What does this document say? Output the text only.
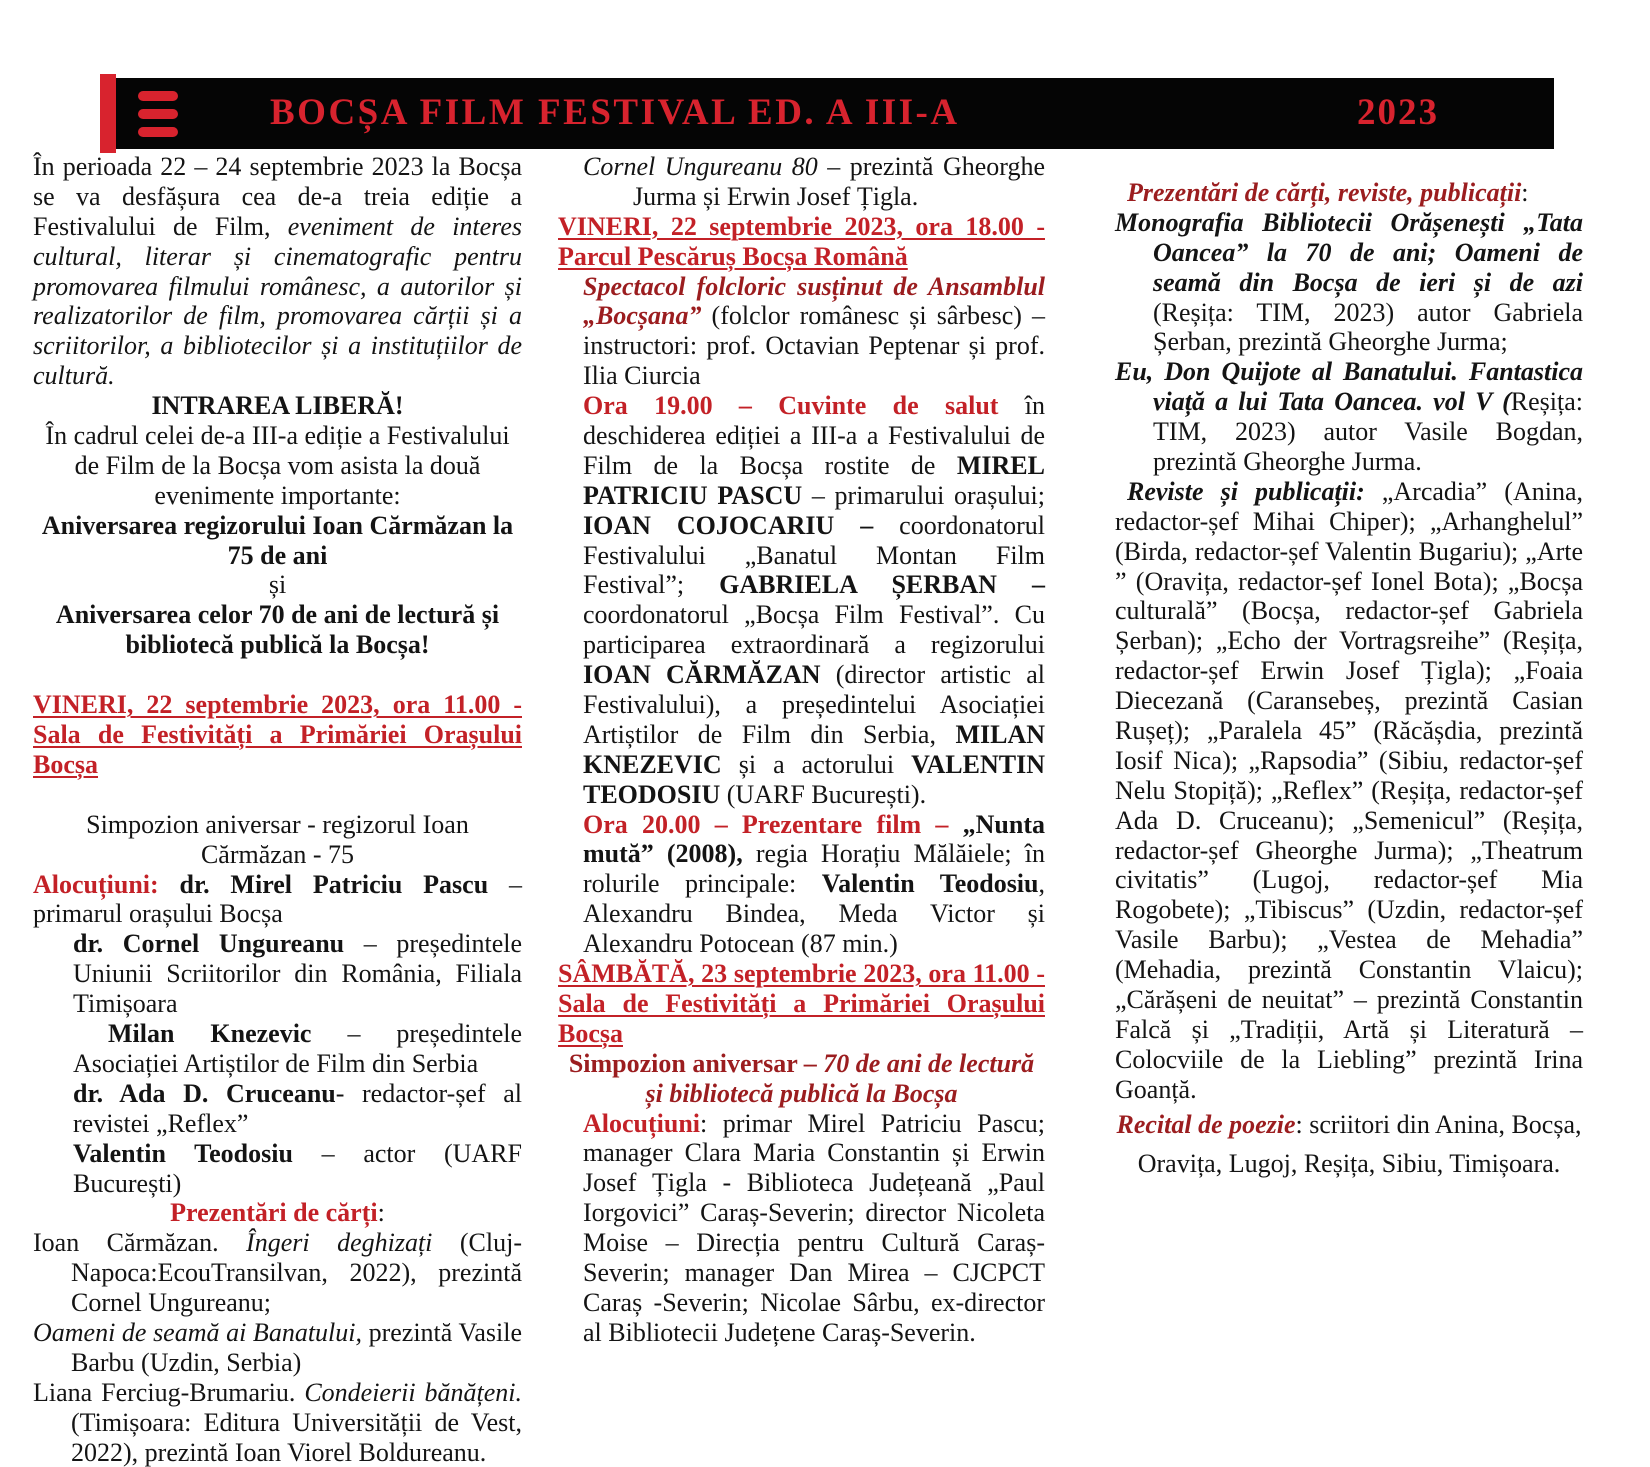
BOCȘA FILM FESTIVAL ED. A III-A	2023

În perioada 22 – 24 septembrie 2023 la Bocșa se va desfășura cea de-a treia ediție a Festivalului de Film, eveniment de interes cultural, literar și cinematografic pentru promovarea filmului românesc, a autorilor și realizatorilor de film, promovarea cărții și a scriitorilor, a bibliotecilor și a instituțiilor de cultură.

INTRAREA LIBERĂ!

În cadrul celei de-a III-a ediție a Festivalului de Film de la Bocșa vom asista la două evenimente importante:

Aniversarea regizorului Ioan Cărmăzan la 75 de ani

și

Aniversarea celor 70 de ani de lectură și bibliotecă publică la Bocșa!

VINERI, 22 septembrie 2023, ora 11.00 - Sala de Festivități a Primăriei Orașului Bocșa

Simpozion aniversar - regizorul Ioan Cărmăzan - 75

Alocuțiuni: dr. Mirel Patriciu Pascu – primarul orașului Bocșa

dr. Cornel Ungureanu – președintele Uniunii Scriitorilor din România, Filiala Timișoara

Milan Knezevic – președintele Asociației Artiștilor de Film din Serbia

dr. Ada D. Cruceanu- redactor-șef al revistei „Reflex”

Valentin Teodosiu – actor (UARF București)

Prezentări de cărți:

Ioan Cărmăzan. Îngeri deghizați (Cluj-Napoca:EcouTransilvan, 2022), prezintă Cornel Ungureanu;

Oameni de seamă ai Banatului, prezintă Vasile Barbu (Uzdin, Serbia)

Liana Ferciug-Brumariu. Condeierii bănățeni. (Timișoara: Editura Universității de Vest, 2022), prezintă Ioan Viorel Boldureanu.

Cornel Ungureanu 80 – prezintă Gheorghe Jurma și Erwin Josef Țigla.

VINERI, 22 septembrie 2023, ora 18.00 - Parcul Pescăruș Bocșa Română

Spectacol folcloric susținut de Ansamblul „Bocșana” (folclor românesc și sârbesc) – instructori: prof. Octavian Peptenar și prof. Ilia Ciurcia

Ora 19.00 – Cuvinte de salut în deschiderea ediției a III-a a Festivalului de Film de la Bocșa rostite de MIREL PATRICIU PASCU – primarului orașului; IOAN COJOCARIU – coordonatorul Festivalului „Banatul Montan Film Festival”; GABRIELA ȘERBAN – coordonatorul „Bocșa Film Festival”. Cu participarea extraordinară a regizorului IOAN CĂRMĂZAN (director artistic al Festivalului), a președintelui Asociației Artiștilor de Film din Serbia, MILAN KNEZEVIC și a actorului VALENTIN TEODOSIU (UARF București).

Ora 20.00 – Prezentare film – „Nunta mută” (2008), regia Horațiu Mălăiele; în rolurile principale: Valentin Teodosiu, Alexandru Bindea, Meda Victor și Alexandru Potocean (87 min.)

SÂMBĂTĂ, 23 septembrie 2023, ora 11.00 - Sala de Festivități a Primăriei Orașului Bocșa

Simpozion aniversar – 70 de ani de lectură și bibliotecă publică la Bocșa

Alocuțiuni: primar Mirel Patriciu Pascu; manager Clara Maria Constantin și Erwin Josef Țigla - Biblioteca Județeană „Paul Iorgovici” Caraș-Severin; director Nicoleta Moise – Direcția pentru Cultură Caraș-Severin; manager Dan Mirea – CJCPCT Caraș -Severin; Nicolae Sârbu, ex-director al Bibliotecii Județene Caraș-Severin.

Prezentări de cărți, reviste, publicații:

Monografia Bibliotecii Orășenești „Tata Oancea” la 70 de ani; Oameni de seamă din Bocșa de ieri și de azi (Reșița: TIM, 2023) autor Gabriela Șerban, prezintă Gheorghe Jurma;

Eu, Don Quijote al Banatului. Fantastica viață a lui Tata Oancea. vol V (Reșița: TIM, 2023) autor Vasile Bogdan, prezintă Gheorghe Jurma.

Reviste și publicații: „Arcadia” (Anina, redactor-șef Mihai Chiper); „Arhanghelul” (Birda, redactor-șef Valentin Bugariu); „Arte ” (Oravița, redactor-șef Ionel Bota); „Bocșa culturală” (Bocșa, redactor-șef Gabriela Șerban); „Echo der Vortragsreihe” (Reșița, redactor-șef Erwin Josef Țigla); „Foaia Diecezană (Caransebeș, prezintă Casian Rușeț); „Paralela 45” (Răcășdia, prezintă Iosif Nica); „Rapsodia” (Sibiu, redactor-șef Nelu Stopiță); „Reflex” (Reșița, redactor-șef Ada D. Cruceanu); „Semenicul” (Reșița, redactor-șef Gheorghe Jurma); „Theatrum civitatis” (Lugoj, redactor-șef Mia Rogobete); „Tibiscus” (Uzdin, redactor-șef Vasile Barbu); „Vestea de Mehadia” (Mehadia, prezintă Constantin Vlaicu); „Cărășeni de neuitat” – prezintă Constantin Falcă și „Tradiții, Artă și Literatură – Colocviile de la Liebling” prezintă Irina Goanță.

Recital de poezie: scriitori din Anina, Bocșa, Oravița, Lugoj, Reșița, Sibiu, Timișoara.
